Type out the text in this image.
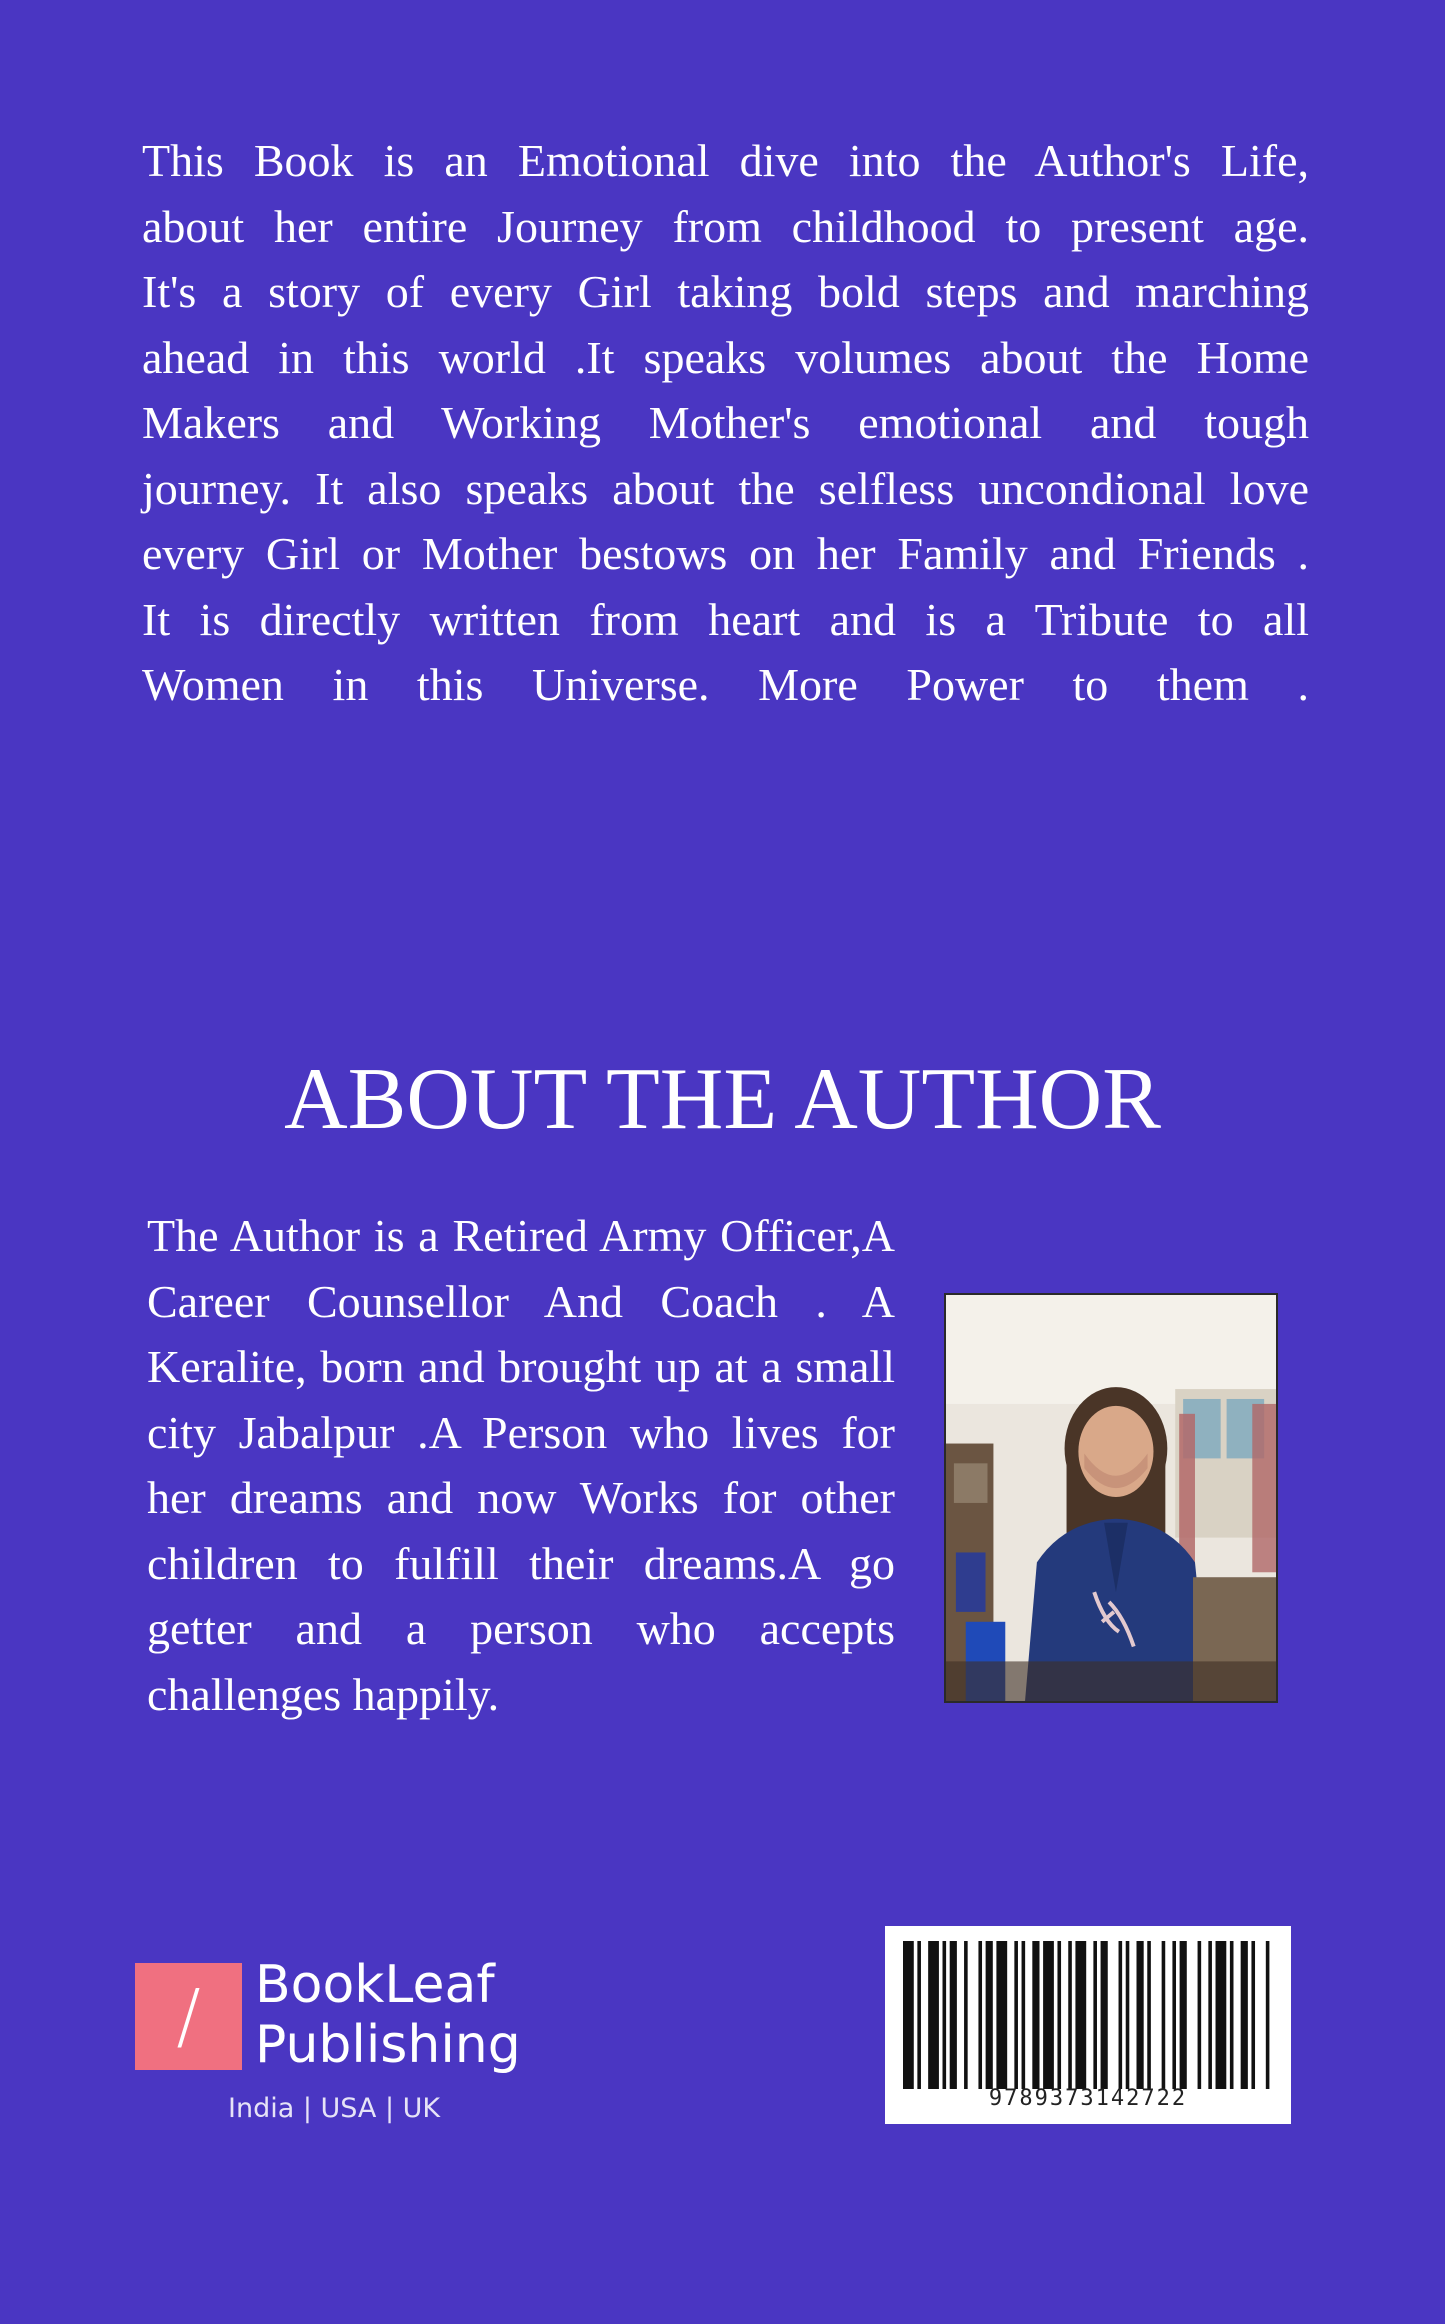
This Book is an Emotional dive into the Author's Life,

about her entire Journey from childhood to present age.

It's a story of every Girl taking bold steps and marching

ahead in this world .It speaks volumes about the Home

Makers and Working Mother's emotional and tough

journey. It also speaks about the selfless uncondional love

every Girl or Mother bestows on her Family and Friends .

It is directly written from heart and is a Tribute to all

Women in this Universe. More Power to them .

ABOUT THE AUTHOR

The Author is a Retired Army Officer,A Career Counsellor And Coach . A Keralite, born and brought up at a small city Jabalpur .A Person who lives for her dreams and now Works for other children to fulfill their dreams.A go getter and a person who accepts challenges happily.

/	BookLeaf
Publishing
India | USA | UK	9789373142722
